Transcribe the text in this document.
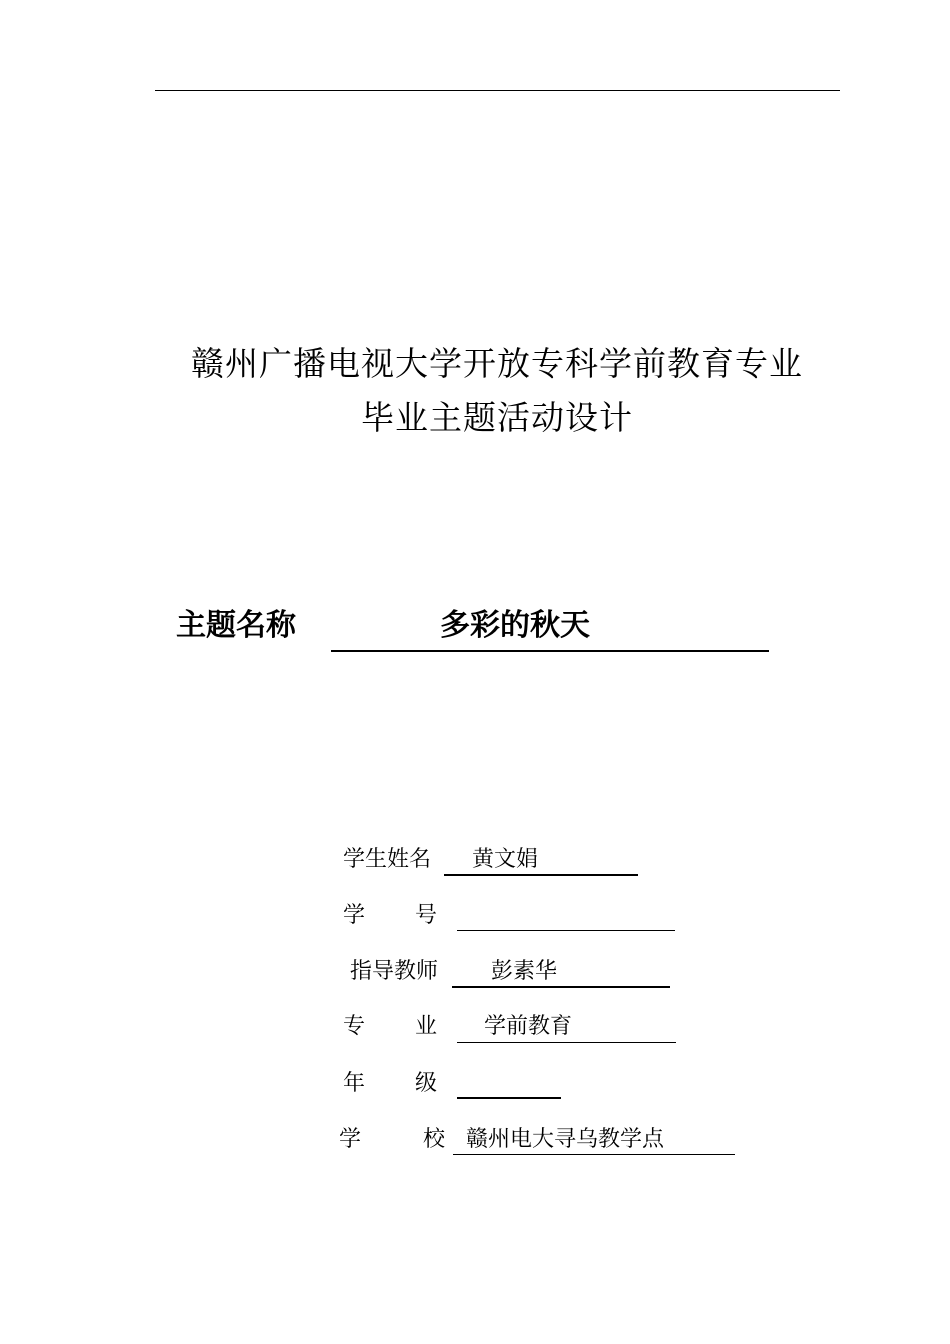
赣州广播电视大学开放专科学前教育专业
毕业主题活动设计
主题名称	多彩的秋天
学生姓名 黄文娟
学　　号
指导教师 彭素华
专　　业 学前教育
年　　级
学　　校 赣州电大寻乌教学点
